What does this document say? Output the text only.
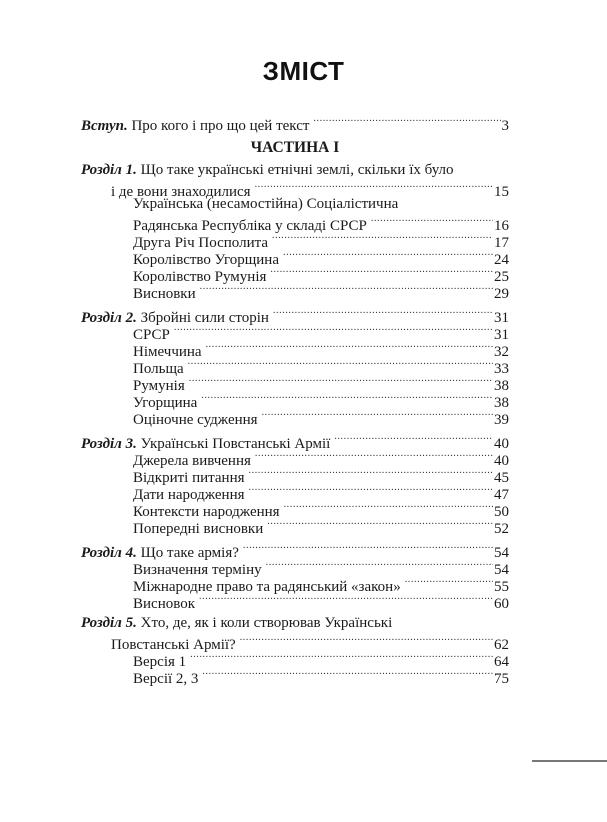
ЗМІСТ
Вступ. Про кого і про що цей текст .....	3
ЧАСТИНА І
Розділ 1. Що таке українські етнічні землі, скільки їх було
і де вони знаходилися .....	15
Українська (несамостійна) Соціалістична
Радянська Республіка у складі СРСР .....	16
Друга Річ Посполита .....	17
Королівство Угорщина .....	24
Королівство Румунія .....	25
Висновки .....	29
Розділ 2. Збройні сили сторін .....	31
СРСР .....	31
Німеччина .....	32
Польща .....	33
Румунія .....	38
Угорщина .....	38
Оціночне судження .....	39
Розділ 3. Українські Повстанські Армії .....	40
Джерела вивчення .....	40
Відкриті питання .....	45
Дати народження .....	47
Контексти народження .....	50
Попередні висновки .....	52
Розділ 4. Що таке армія? .....	54
Визначення терміну .....	54
Міжнародне право та радянський «закон» .....	55
Висновок .....	60
Розділ 5. Хто, де, як і коли створював Українські
Повстанські Армії? .....	62
Версія 1 .....	64
Версії 2, 3 .....	75
